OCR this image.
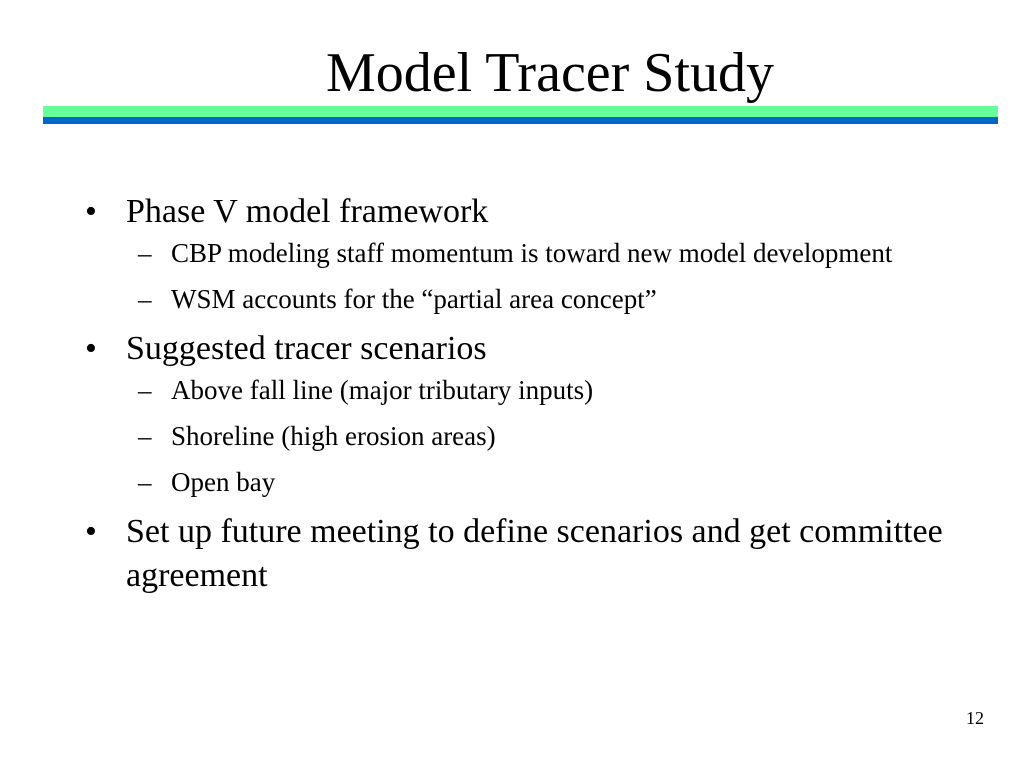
Model Tracer Study
• Phase V model framework
– CBP modeling staff momentum is toward new model development
– WSM accounts for the “partial area concept”
• Suggested tracer scenarios
– Above fall line (major tributary inputs)
– Shoreline (high erosion areas)
– Open bay
• Set up future meeting to define scenarios and get committee agreement
12
